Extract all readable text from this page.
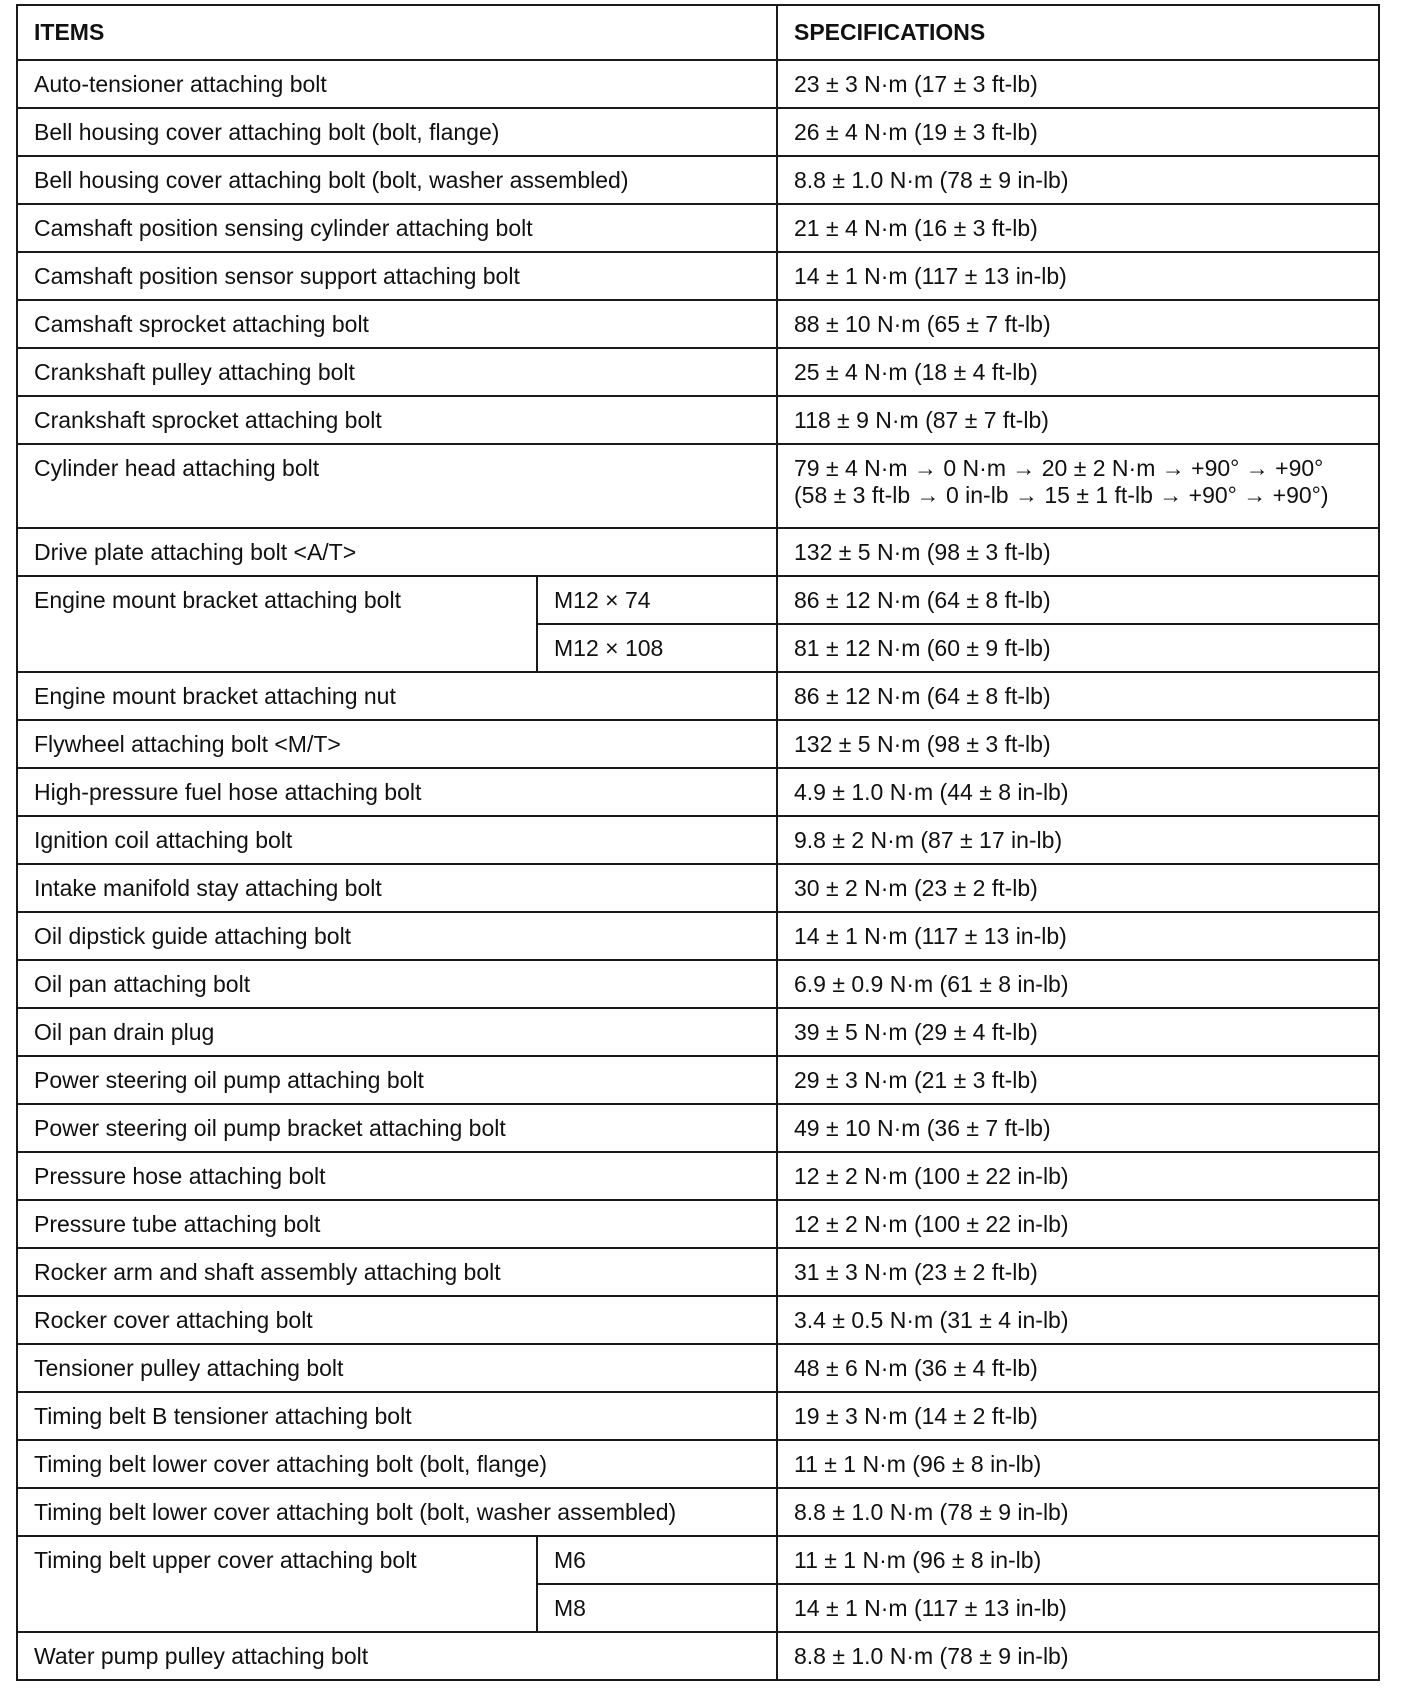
ITEMS		SPECIFICATIONS
Auto-tensioner attaching bolt		23 ± 3 N·m (17 ± 3 ft-lb)
Bell housing cover attaching bolt (bolt, flange)		26 ± 4 N·m (19 ± 3 ft-lb)
Bell housing cover attaching bolt (bolt, washer assembled)		8.8 ± 1.0 N·m (78 ± 9 in-lb)
Camshaft position sensing cylinder attaching bolt		21 ± 4 N·m (16 ± 3 ft-lb)
Camshaft position sensor support attaching bolt		14 ± 1 N·m (117 ± 13 in-lb)
Camshaft sprocket attaching bolt		88 ± 10 N·m (65 ± 7 ft-lb)
Crankshaft pulley attaching bolt		25 ± 4 N·m (18 ± 4 ft-lb)
Crankshaft sprocket attaching bolt		118 ± 9 N·m (87 ± 7 ft-lb)
Cylinder head attaching bolt		79 ± 4 N·m → 0 N·m → 20 ± 2 N·m → +90° → +90°
(58 ± 3 ft-lb → 0 in-lb → 15 ± 1 ft-lb → +90° → +90°)

Drive plate attaching bolt <A/T>		132 ± 5 N·m (98 ± 3 ft-lb)
Engine mount bracket attaching bolt	M12 × 74	86 ± 12 N·m (64 ± 8 ft-lb)
	M12 × 108	81 ± 12 N·m (60 ± 9 ft-lb)
Engine mount bracket attaching nut		86 ± 12 N·m (64 ± 8 ft-lb)
Flywheel attaching bolt <M/T>		132 ± 5 N·m (98 ± 3 ft-lb)
High-pressure fuel hose attaching bolt		4.9 ± 1.0 N·m (44 ± 8 in-lb)
Ignition coil attaching bolt		9.8 ± 2 N·m (87 ± 17 in-lb)
Intake manifold stay attaching bolt		30 ± 2 N·m (23 ± 2 ft-lb)
Oil dipstick guide attaching bolt		14 ± 1 N·m (117 ± 13 in-lb)
Oil pan attaching bolt		6.9 ± 0.9 N·m (61 ± 8 in-lb)
Oil pan drain plug		39 ± 5 N·m (29 ± 4 ft-lb)
Power steering oil pump attaching bolt		29 ± 3 N·m (21 ± 3 ft-lb)
Power steering oil pump bracket attaching bolt		49 ± 10 N·m (36 ± 7 ft-lb)
Pressure hose attaching bolt		12 ± 2 N·m (100 ± 22 in-lb)
Pressure tube attaching bolt		12 ± 2 N·m (100 ± 22 in-lb)
Rocker arm and shaft assembly attaching bolt		31 ± 3 N·m (23 ± 2 ft-lb)
Rocker cover attaching bolt		3.4 ± 0.5 N·m (31 ± 4 in-lb)
Tensioner pulley attaching bolt		48 ± 6 N·m (36 ± 4 ft-lb)
Timing belt B tensioner attaching bolt		19 ± 3 N·m (14 ± 2 ft-lb)
Timing belt lower cover attaching bolt (bolt, flange)		11 ± 1 N·m (96 ± 8 in-lb)
Timing belt lower cover attaching bolt (bolt, washer assembled)		8.8 ± 1.0 N·m (78 ± 9 in-lb)
Timing belt upper cover attaching bolt	M6	11 ± 1 N·m (96 ± 8 in-lb)
	M8	14 ± 1 N·m (117 ± 13 in-lb)
Water pump pulley attaching bolt		8.8 ± 1.0 N·m (78 ± 9 in-lb)
